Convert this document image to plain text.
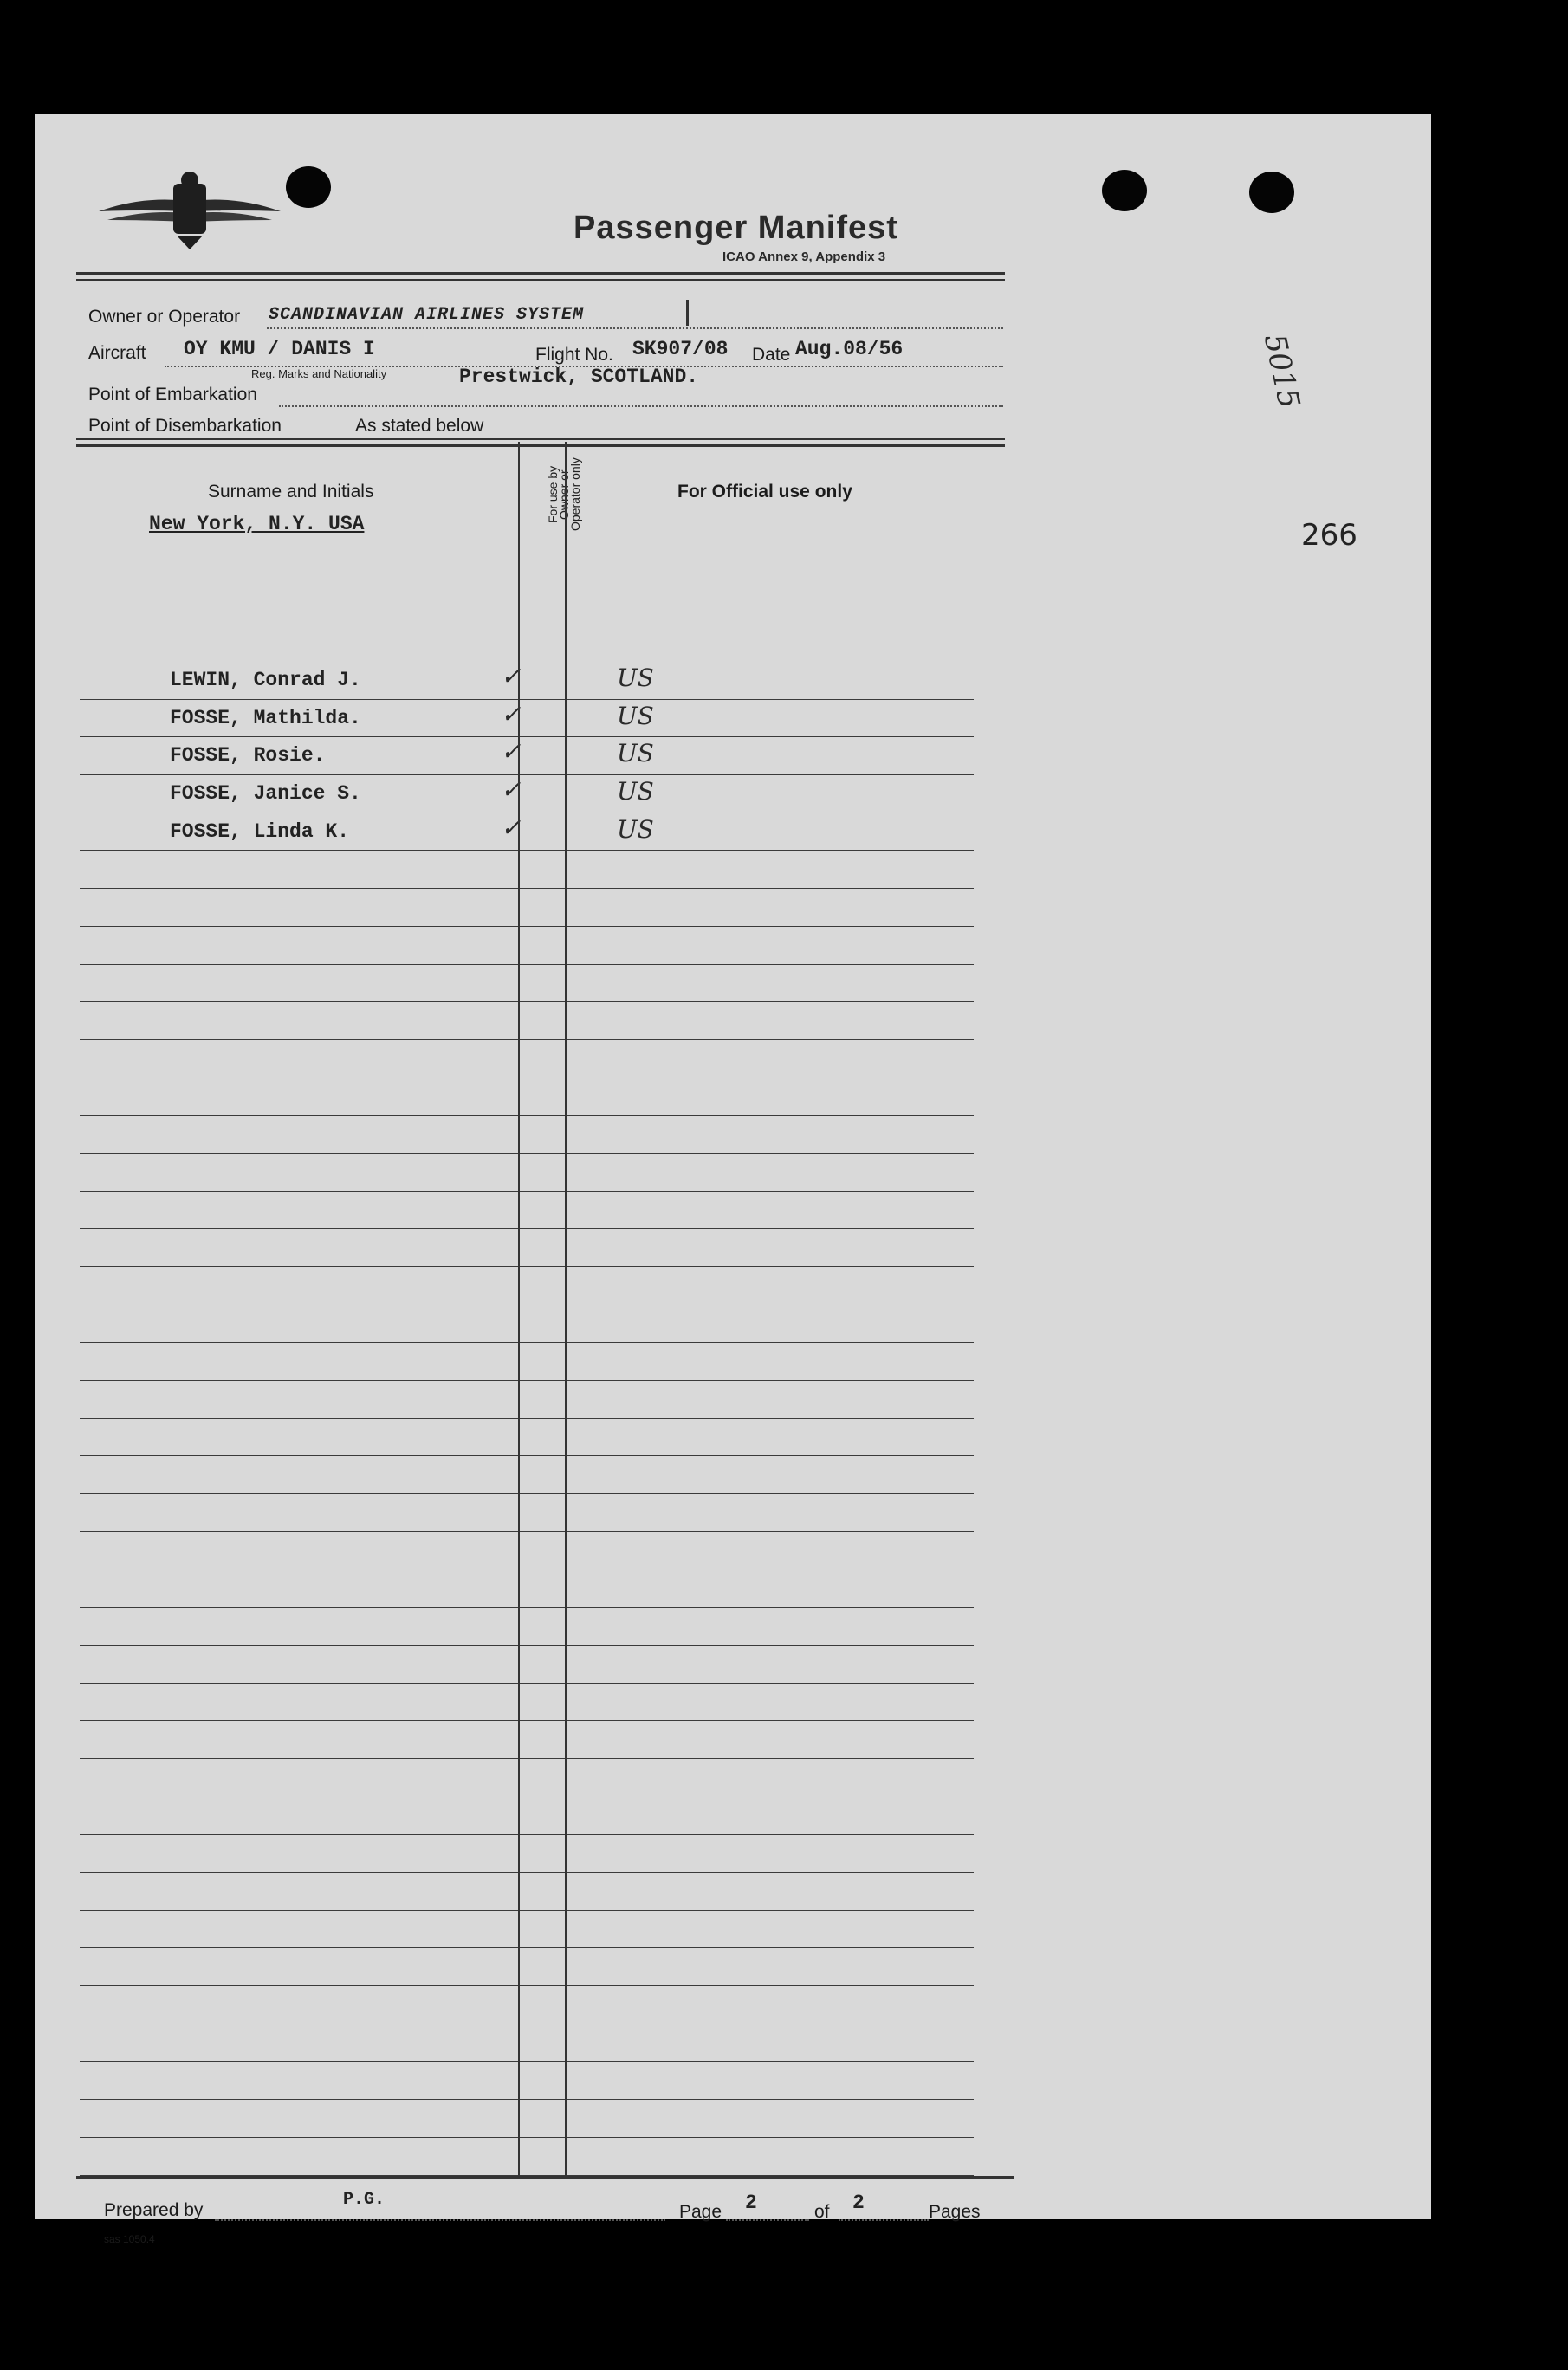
Passenger Manifest
ICAO Annex 9, Appendix 3
Owner or Operator SCANDINAVIAN AIRLINES SYSTEM
Aircraft OY KMU / DANIS I	Flight No. SK907/08 Date Aug.08/56
Reg. Marks and Nationality	Prestwick, SCOTLAND.
Point of Embarkation
Point of Disembarkation	As stated below
Surname and Initials	For use by Owner or Operator only	For Official use only
New York, N.Y. USA
LEWIN, Conrad J.	✓	US
FOSSE, Mathilda.	✓	US
FOSSE, Rosie.	✓	US
FOSSE, Janice S.	✓	US
FOSSE, Linda K.	✓	US
Prepared by
P.G.
Page 2	of 2	Pages
sas 1050.4
266
5015
